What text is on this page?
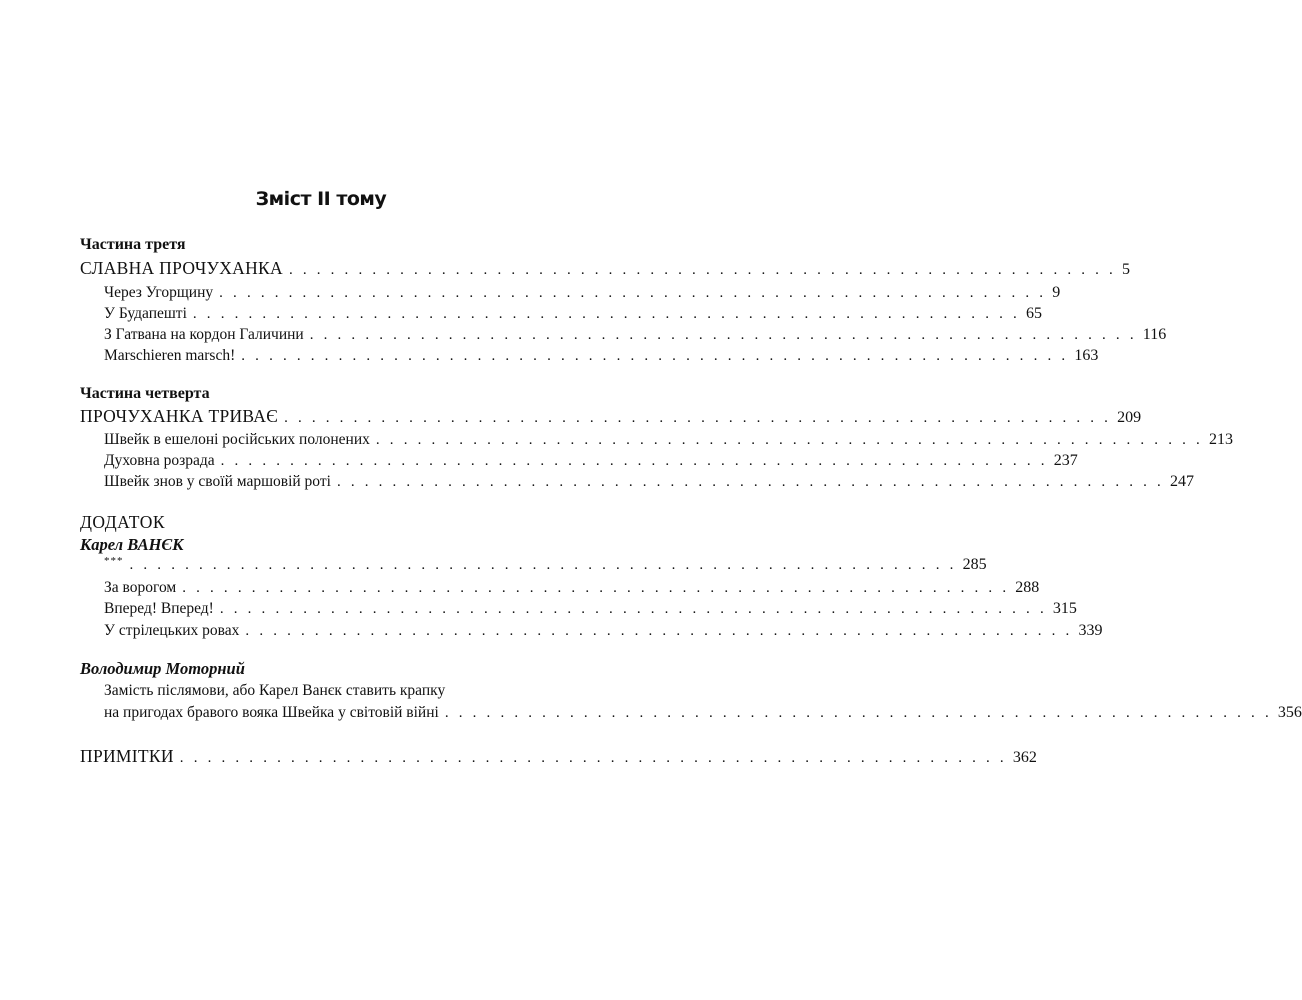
Зміст ІІ тому
Частина третя
СЛАВНА ПРОЧУХАНКА . . . . . . . . . . . . . . . . . . . . . . . . . . . . . . . . . . . . . . . . . . . . . . . . . . . . . . . . . . . . 5
Через Угорщину . . . . . . . . . . . . . . . . . . . . . . . . . . . . . . . . . . . . . . . . . . . . . . . . . . . . . . . . . . . . 9
У Будапешті . . . . . . . . . . . . . . . . . . . . . . . . . . . . . . . . . . . . . . . . . . . . . . . . . . . . . . . . . . . . 65
З Гатвана на кордон Галичини . . . . . . . . . . . . . . . . . . . . . . . . . . . . . . . . . . . . . . . . . . . . . . . . . . . . . . . . . . . . 116
Marschieren marsch! . . . . . . . . . . . . . . . . . . . . . . . . . . . . . . . . . . . . . . . . . . . . . . . . . . . . . . . . . . . . 163
Частина четверта
ПРОЧУХАНКА ТРИВАЄ . . . . . . . . . . . . . . . . . . . . . . . . . . . . . . . . . . . . . . . . . . . . . . . . . . . . . . . . . . . . 209
Швейк в ешелоні російських полонених . . . . . . . . . . . . . . . . . . . . . . . . . . . . . . . . . . . . . . . . . . . . . . . . . . . . . . . . . . . . 213
Духовна розрада . . . . . . . . . . . . . . . . . . . . . . . . . . . . . . . . . . . . . . . . . . . . . . . . . . . . . . . . . . . . 237
Швейк знов у своїй маршовій роті . . . . . . . . . . . . . . . . . . . . . . . . . . . . . . . . . . . . . . . . . . . . . . . . . . . . . . . . . . . . 247
ДОДАТОК
Карел ВАНЄК
*** . . . . . . . . . . . . . . . . . . . . . . . . . . . . . . . . . . . . . . . . . . . . . . . . . . . . . . . . . . . . 285
За ворогом . . . . . . . . . . . . . . . . . . . . . . . . . . . . . . . . . . . . . . . . . . . . . . . . . . . . . . . . . . . . 288
Вперед! Вперед! . . . . . . . . . . . . . . . . . . . . . . . . . . . . . . . . . . . . . . . . . . . . . . . . . . . . . . . . . . . . 315
У стрілецьких ровах . . . . . . . . . . . . . . . . . . . . . . . . . . . . . . . . . . . . . . . . . . . . . . . . . . . . . . . . . . . . 339
Володимир Моторний
Замість післямови, або Карел Ванєк ставить крапку
на пригодах бравого вояка Швейка у світовій війні . . . . . . . . . . . . . . . . . . . . . . . . . . . . . . . . . . . . . . . . . . . . . . . . . . . . . . . . . . . . 356
ПРИМІТКИ . . . . . . . . . . . . . . . . . . . . . . . . . . . . . . . . . . . . . . . . . . . . . . . . . . . . . . . . . . . . 362
